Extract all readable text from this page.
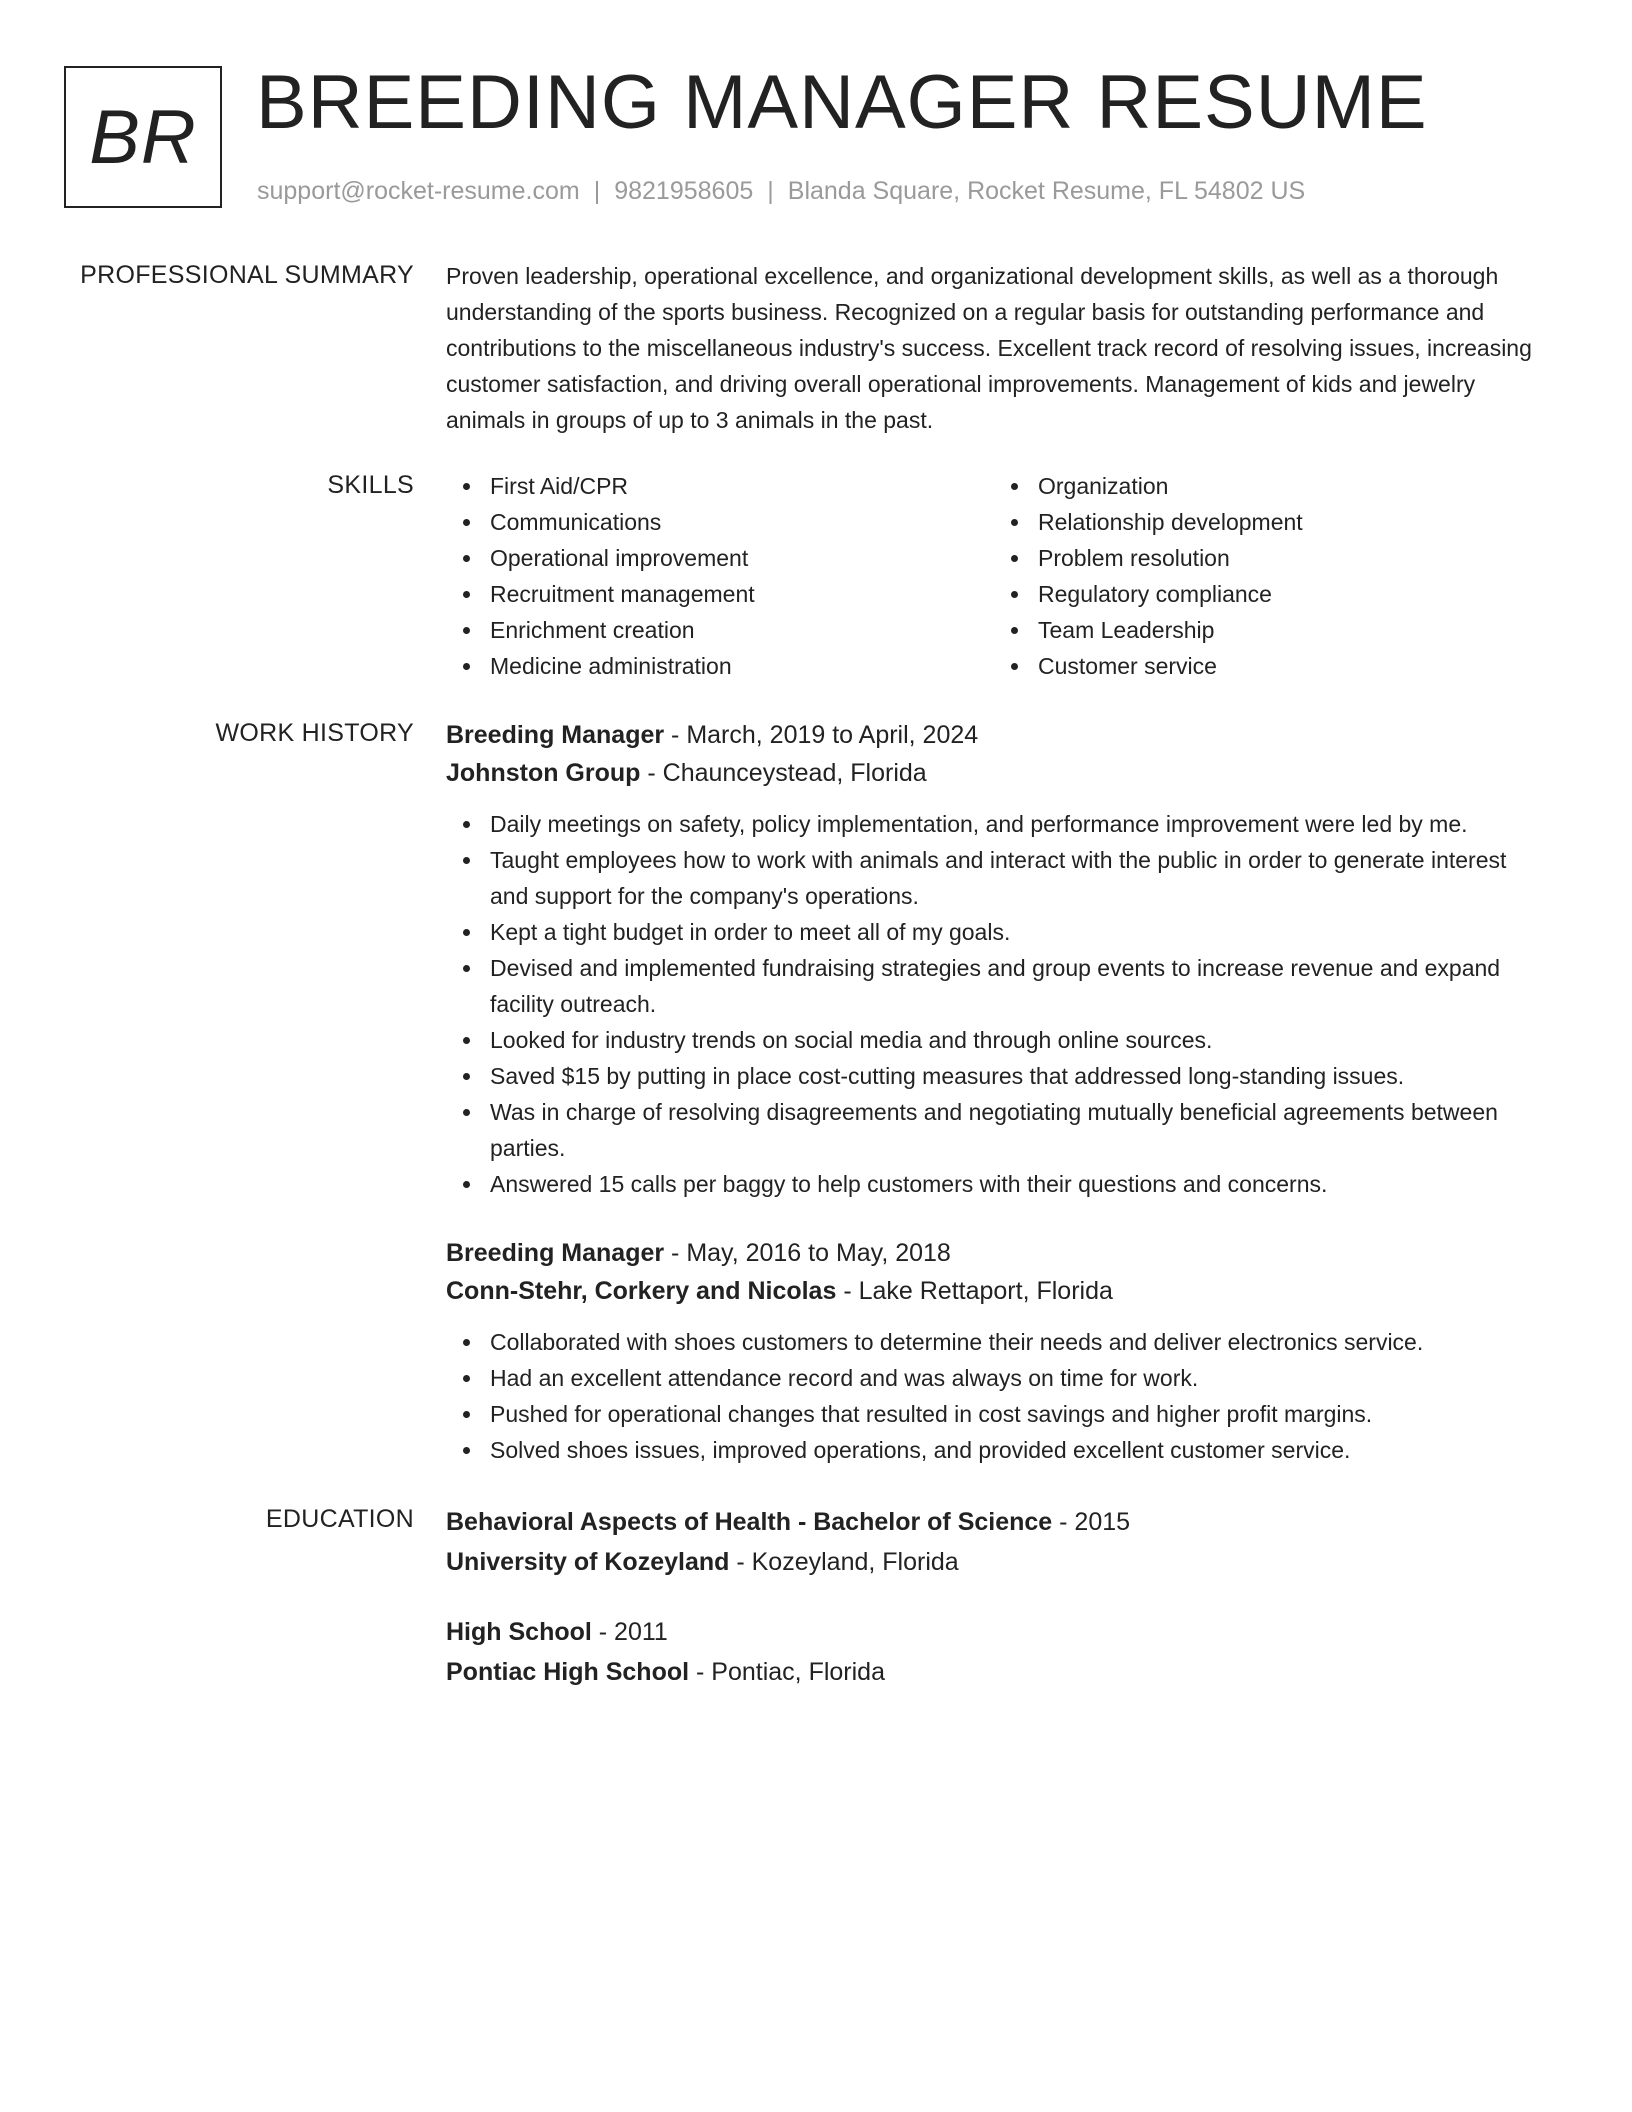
BR BREEDING MANAGER RESUME
support@rocket-resume.com | 9821958605 | Blanda Square, Rocket Resume, FL 54802 US
PROFESSIONAL SUMMARY Proven leadership, operational excellence, and organizational development skills, as well as a thorough understanding of the sports business. Recognized on a regular basis for outstanding performance and contributions to the miscellaneous industry's success. Excellent track record of resolving issues, increasing customer satisfaction, and driving overall operational improvements. Management of kids and jewelry animals in groups of up to 3 animals in the past.

SKILLS	First Aid/CPR
Communications
Operational improvement
Recruitment management
Enrichment creation
Medicine administration
Organization
Relationship development
Problem resolution
Regulatory compliance
Team Leadership
Customer service
WORK HISTORY Breeding Manager - March, 2019 to April, 2024
Johnston Group - Chaunceystead, Florida
Daily meetings on safety, policy implementation, and performance improvement were led by me.
Taught employees how to work with animals and interact with the public in order to generate interest and support for the company's operations.
Kept a tight budget in order to meet all of my goals.
Devised and implemented fundraising strategies and group events to increase revenue and expand facility outreach.
Looked for industry trends on social media and through online sources.
Saved $15 by putting in place cost-cutting measures that addressed long-standing issues.
Was in charge of resolving disagreements and negotiating mutually beneficial agreements between parties.
Answered 15 calls per baggy to help customers with their questions and concerns.
Breeding Manager - May, 2016 to May, 2018
Conn-Stehr, Corkery and Nicolas - Lake Rettaport, Florida
Collaborated with shoes customers to determine their needs and deliver electronics service.
Had an excellent attendance record and was always on time for work.
Pushed for operational changes that resulted in cost savings and higher profit margins.
Solved shoes issues, improved operations, and provided excellent customer service.
EDUCATION Behavioral Aspects of Health - Bachelor of Science - 2015
University of Kozeyland - Kozeyland, Florida
High School - 2011
Pontiac High School - Pontiac, Florida
